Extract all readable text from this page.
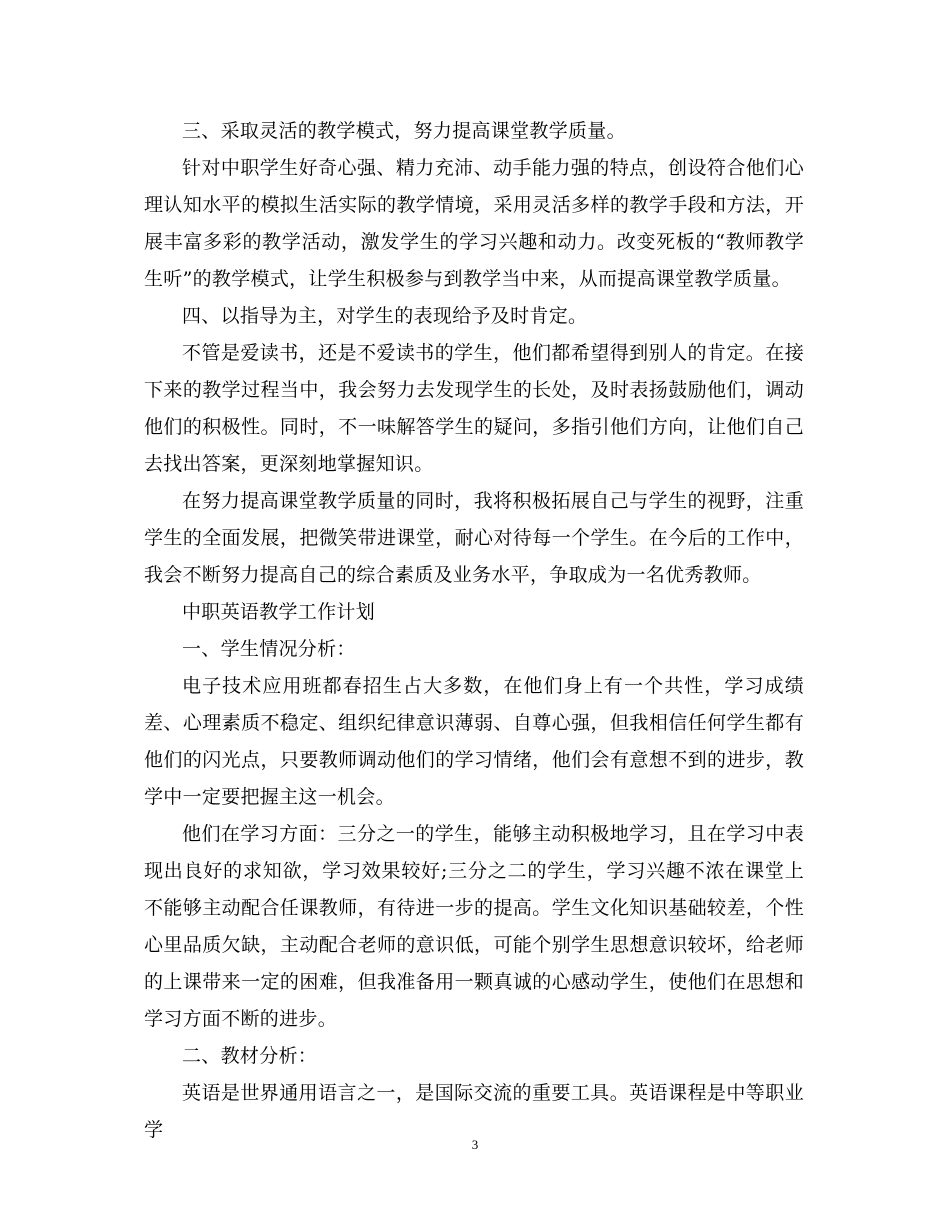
三、采取灵活的教学模式，努力提高课堂教学质量。

针对中职学生好奇心强、精力充沛、动手能力强的特点，创设符合他们心理认知水平的模拟生活实际的教学情境，采用灵活多样的教学手段和方法，开展丰富多彩的教学活动，激发学生的学习兴趣和动力。改变死板的“教师教学生听”的教学模式，让学生积极参与到教学当中来，从而提高课堂教学质量。

四、以指导为主，对学生的表现给予及时肯定。

不管是爱读书，还是不爱读书的学生，他们都希望得到别人的肯定。在接下来的教学过程当中，我会努力去发现学生的长处，及时表扬鼓励他们，调动他们的积极性。同时，不一味解答学生的疑问，多指引他们方向，让他们自己去找出答案，更深刻地掌握知识。

在努力提高课堂教学质量的同时，我将积极拓展自己与学生的视野，注重学生的全面发展，把微笑带进课堂，耐心对待每一个学生。在今后的工作中，我会不断努力提高自己的综合素质及业务水平，争取成为一名优秀教师。

中职英语教学工作计划

一、学生情况分析：

电子技术应用班都春招生占大多数，在他们身上有一个共性，学习成绩差、心理素质不稳定、组织纪律意识薄弱、自尊心强，但我相信任何学生都有他们的闪光点，只要教师调动他们的学习情绪，他们会有意想不到的进步，教学中一定要把握主这一机会。

他们在学习方面：三分之一的学生，能够主动积极地学习，且在学习中表现出良好的求知欲，学习效果较好;三分之二的学生，学习兴趣不浓在课堂上不能够主动配合任课教师，有待进一步的提高。学生文化知识基础较差，个性心里品质欠缺，主动配合老师的意识低，可能个别学生思想意识较坏，给老师的上课带来一定的困难，但我准备用一颗真诚的心感动学生，使他们在思想和学习方面不断的进步。

二、教材分析：

英语是世界通用语言之一，是国际交流的重要工具。英语课程是中等职业学

3
